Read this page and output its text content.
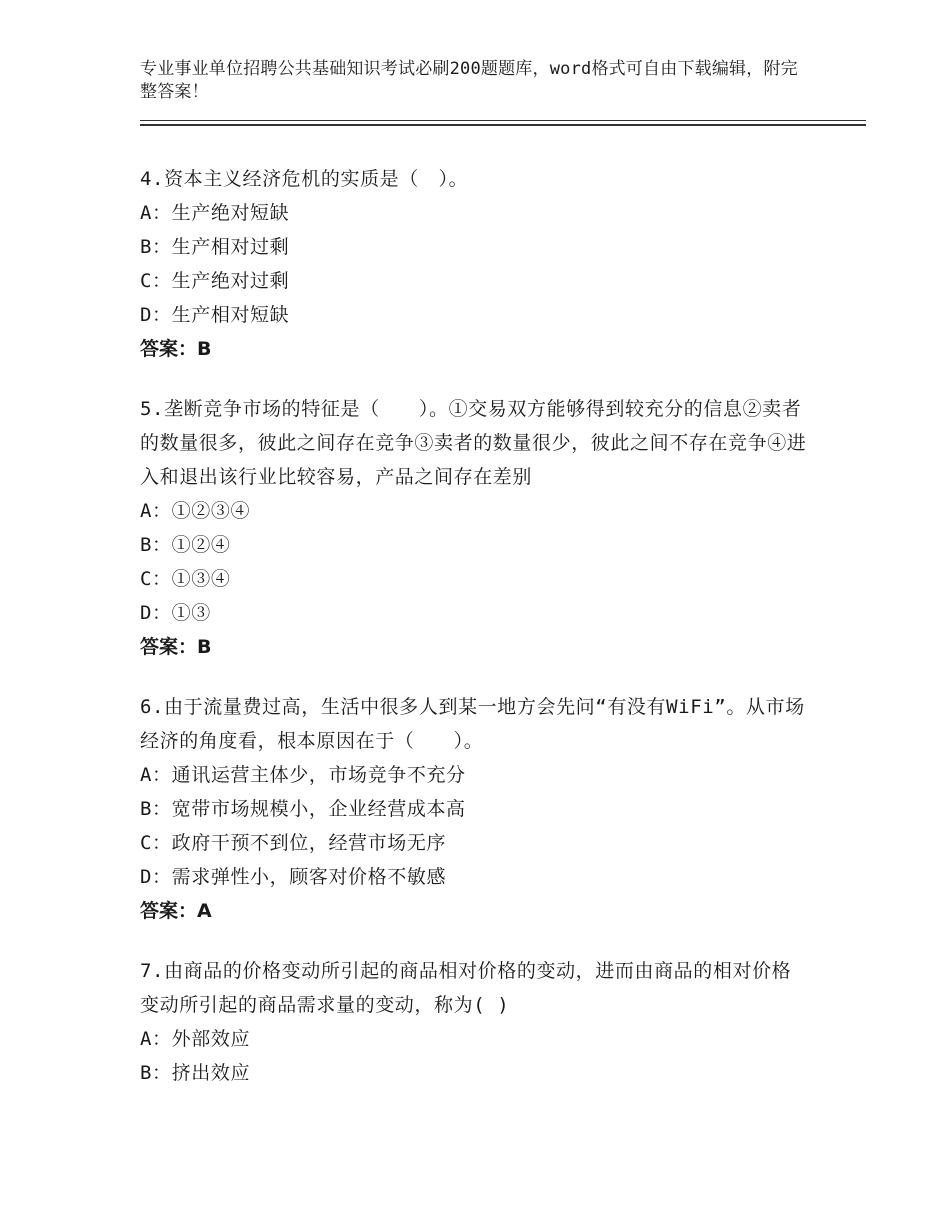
专业事业单位招聘公共基础知识考试必刷200题题库，word格式可自由下载编辑，附完整答案！
4.资本主义经济危机的实质是（　）。
A：生产绝对短缺
B：生产相对过剩
C：生产绝对过剩
D：生产相对短缺
答案：B
5.垄断竞争市场的特征是（　　）。①交易双方能够得到较充分的信息②卖者的数量很多，彼此之间存在竞争③卖者的数量很少，彼此之间不存在竞争④进入和退出该行业比较容易，产品之间存在差别
A：①②③④
B：①②④
C：①③④
D：①③
答案：B
6.由于流量费过高，生活中很多人到某一地方会先问“有没有WiFi”。从市场经济的角度看，根本原因在于（　　）。
A：通讯运营主体少，市场竞争不充分
B：宽带市场规模小，企业经营成本高
C：政府干预不到位，经营市场无序
D：需求弹性小，顾客对价格不敏感
答案：A
7.由商品的价格变动所引起的商品相对价格的变动，进而由商品的相对价格变动所引起的商品需求量的变动，称为( )
A：外部效应
B：挤出效应
